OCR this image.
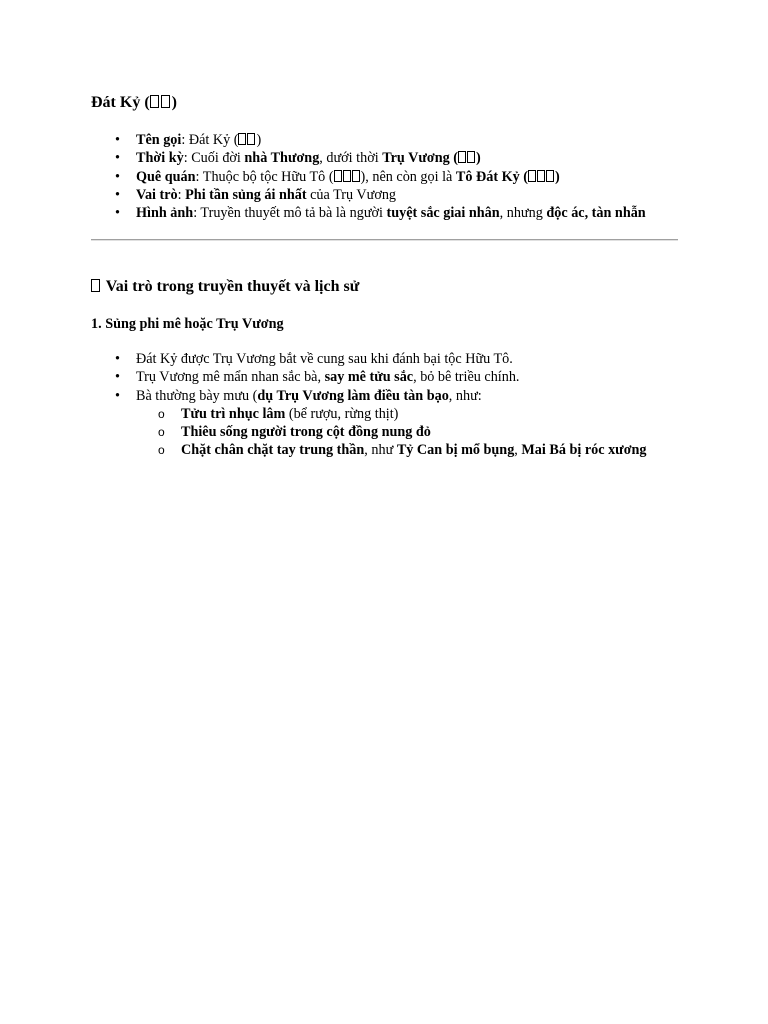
Đát Kỷ ( )
• Tên gọi: Đát Kỷ ( )
• Thời kỳ: Cuối đời nhà Thương, dưới thời Trụ Vương ( )
• Quê quán: Thuộc bộ tộc Hữu Tô ( ), nên còn gọi là Tô Đát Kỷ ( )
• Vai trò: Phi tần sủng ái nhất của Trụ Vương
• Hình ảnh: Truyền thuyết mô tả bà là người tuyệt sắc giai nhân, nhưng độc ác, tàn nhẫn
Vai trò trong truyền thuyết và lịch sử
1. Sủng phi mê hoặc Trụ Vương
• Đát Kỷ được Trụ Vương bắt về cung sau khi đánh bại tộc Hữu Tô.
• Trụ Vương mê mẩn nhan sắc bà, say mê tửu sắc, bỏ bê triều chính.
• Bà thường bày mưu (dụ Trụ Vương làm điều tàn bạo, như:
o Tửu trì nhục lâm (bể rượu, rừng thịt)
o Thiêu sống người trong cột đồng nung đỏ
o Chặt chân chặt tay trung thần, như Tỷ Can bị mổ bụng, Mai Bá bị róc xương
